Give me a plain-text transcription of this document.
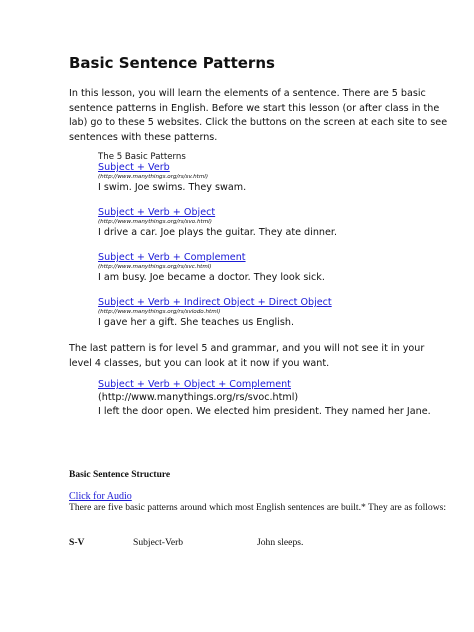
Basic Sentence Patterns
In this lesson, you will learn the elements of a sentence. There are 5 basic sentence patterns in English. Before we start this lesson (or after class in the lab) go to these 5 websites. Click the buttons on the screen at each site to see sentences with these patterns.
The 5 Basic Patterns
Subject + Verb
(http://www.manythings.org/rs/sv.html)
I swim. Joe swims. They swam.
Subject + Verb + Object
(http://www.manythings.org/rs/svo.html)
I drive a car. Joe plays the guitar. They ate dinner.
Subject + Verb + Complement
(http://www.manythings.org/rs/svc.html)
I am busy. Joe became a doctor. They look sick.
Subject + Verb + Indirect Object + Direct Object
(http://www.manythings.org/rs/sviodo.html)
I gave her a gift. She teaches us English.
The last pattern is for level 5 and grammar, and you will not see it in your level 4 classes, but you can look at it now if you want.
Subject + Verb + Object + Complement
(http://www.manythings.org/rs/svoc.html)
I left the door open. We elected him president. They named her Jane.
Basic Sentence Structure
Click for Audio
There are five basic patterns around which most English sentences are built.* They are as follows:
S-V	Subject-Verb	John sleeps.
